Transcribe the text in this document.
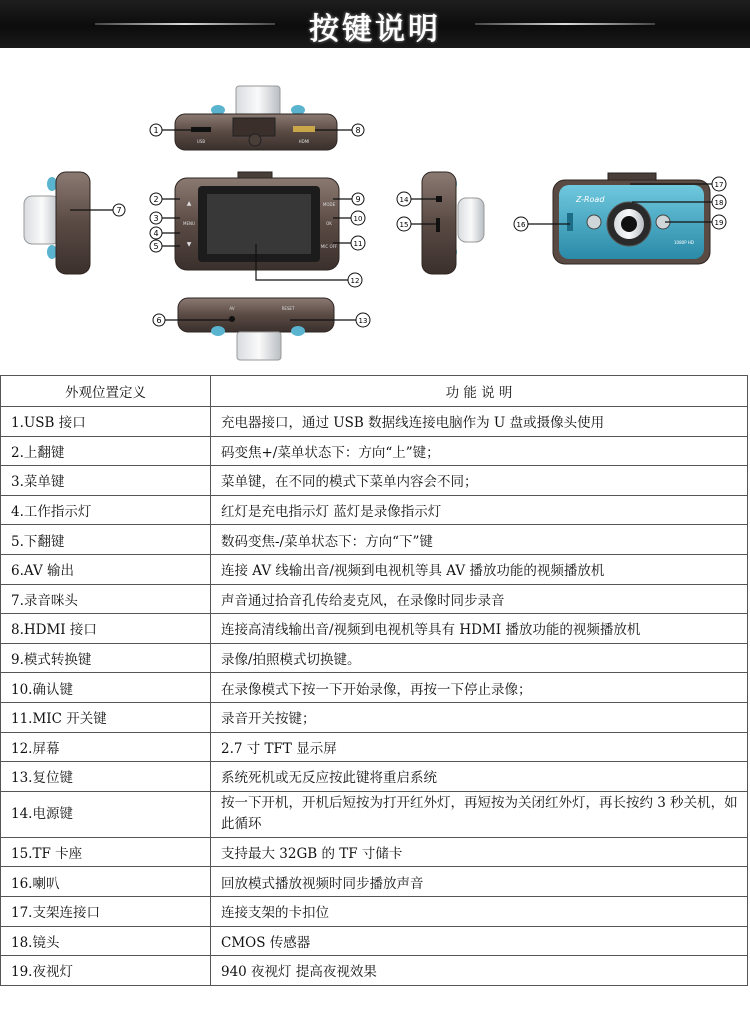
按键说明
USB	HDMI
▲
MENU
▼
MODE
OK
MIC OFF
AV	RESET
Z-Road
1080P HD
1
2
3
4
5
6
7
8
9
10
11
12
13
14
15	16
17
18
19
外观位置定义	功 能 说 明
1.USB 接口	充电器接口，通过 USB 数据线连接电脑作为 U 盘或摄像头使用
2.上翻键	码变焦+/菜单状态下：方向“上”键；
3.菜单键	菜单键，在不同的模式下菜单内容会不同；
4.工作指示灯	红灯是充电指示灯 蓝灯是录像指示灯
5.下翻键	数码变焦-/菜单状态下：方向“下”键
6.AV 输出	连接 AV 线输出音/视频到电视机等具 AV 播放功能的视频播放机
7.录音咪头	声音通过拾音孔传给麦克风，在录像时同步录音
8.HDMI 接口	连接高清线输出音/视频到电视机等具有 HDMI 播放功能的视频播放机
9.模式转换键	录像/拍照模式切换键。
10.确认键	在录像模式下按一下开始录像，再按一下停止录像；
11.MIC 开关键	录音开关按键；
12.屏幕	2.7 寸 TFT 显示屏
13.复位键	系统死机或无反应按此键将重启系统
14.电源键	按一下开机，开机后短按为打开红外灯，再短按为关闭红外灯，再长按约 3 秒关机，如此循环
15.TF 卡座	支持最大 32GB 的 TF 寸储卡
16.喇叭	回放模式播放视频时同步播放声音
17.支架连接口	连接支架的卡扣位
18.镜头	CMOS 传感器
19.夜视灯	940 夜视灯 提高夜视效果
